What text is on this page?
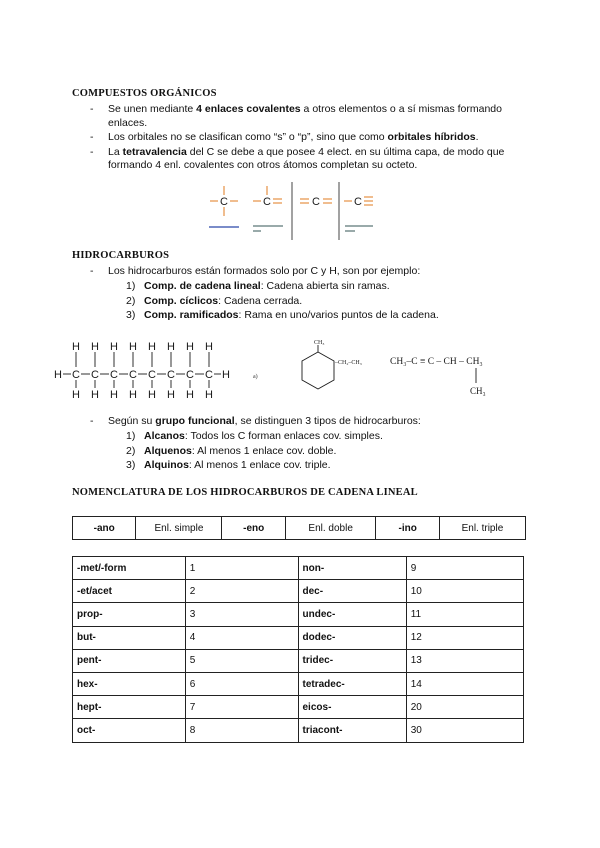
COMPUESTOS ORGÁNICOS
- Se unen mediante 4 enlaces covalentes a otros elementos o a sí mismas formando enlaces.
- Los orbitales no se clasifican como “s” o “p”, sino que como orbitales híbridos.
- La tetravalencia del C se debe a que posee 4 elect. en su última capa, de modo que formando 4 enl. covalentes con otros átomos completan su octeto.
C	C	C	C
HIDROCARBUROS
- Los hidrocarburos están formados solo por C y H, son por ejemplo:
1) Comp. de cadena lineal: Cadena abierta sin ramas.
2) Comp. cíclicos: Cadena cerrada.
3) Comp. ramificados: Rama en uno/varios puntos de la cadena.
H
H
C
H
H
C
H
H
C
H
H
C
H
H
C
H
H
C
H
H
C
H
H
C
H
H	a)
CH₃
–CH₂–CH₃	CH₃–C ≡ C – CH – CH₃
CH₃
- Según su grupo funcional, se distinguen 3 tipos de hidrocarburos:
1) Alcanos: Todos los C forman enlaces cov. simples.
2) Alquenos: Al menos 1 enlace cov. doble.
3) Alquinos: Al menos 1 enlace cov. triple.
NOMENCLATURA DE LOS HIDROCARBUROS DE CADENA LINEAL
-ano	Enl. simple	-eno	Enl. doble	-ino	Enl. triple
-met/-form	1	non-	9
-et/acet	2	dec-	10
prop-	3	undec-	11
but-	4	dodec-	12
pent-	5	tridec-	13
hex-	6	tetradec-	14
hept-	7	eicos-	20
oct-	8	triacont-	30
